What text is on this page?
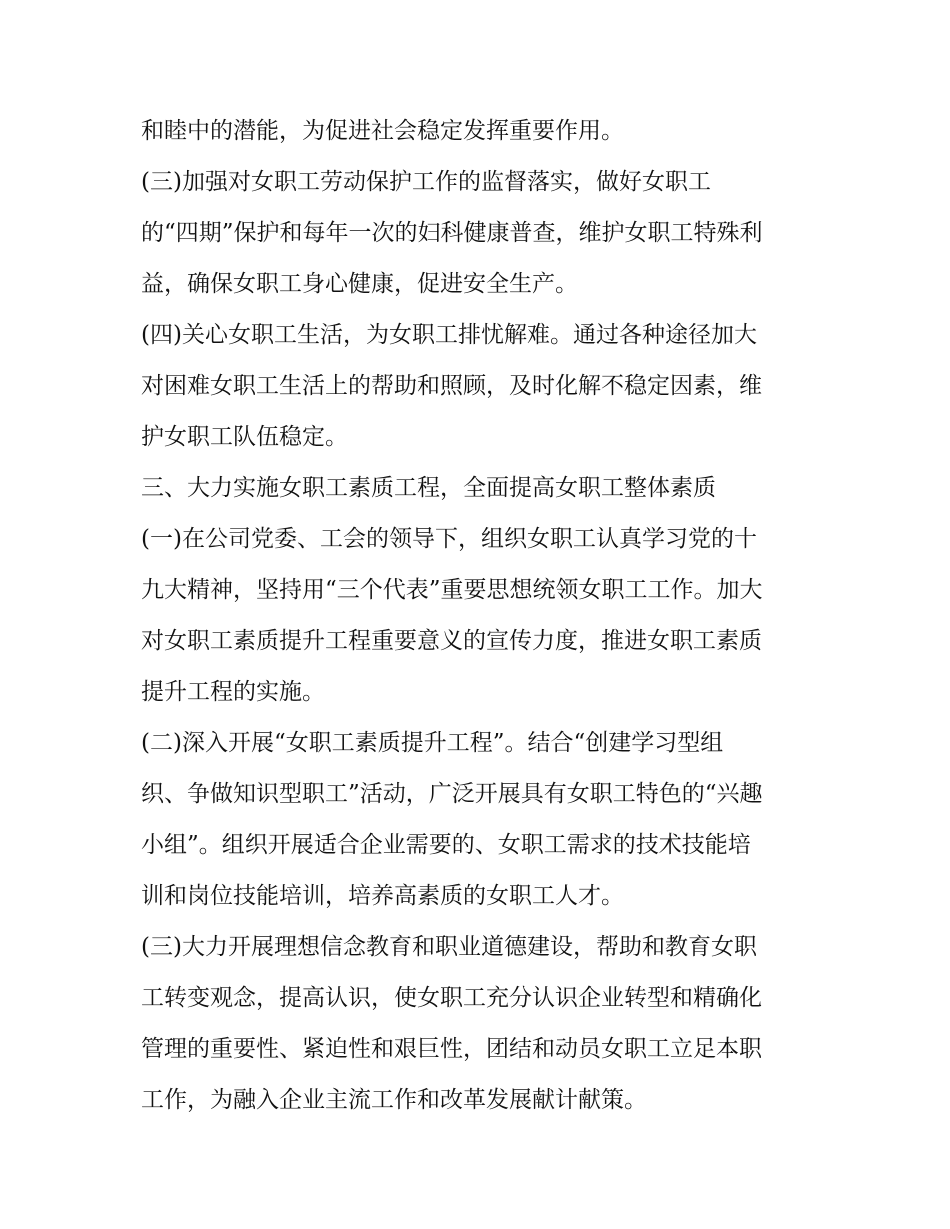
和睦中的潜能，为促进社会稳定发挥重要作用。
(三)加强对女职工劳动保护工作的监督落实，做好女职工
的“四期”保护和每年一次的妇科健康普查，维护女职工特殊利
益，确保女职工身心健康，促进安全生产。
(四)关心女职工生活，为女职工排忧解难。通过各种途径加大
对困难女职工生活上的帮助和照顾，及时化解不稳定因素，维
护女职工队伍稳定。
三、大力实施女职工素质工程，全面提高女职工整体素质
(一)在公司党委、工会的领导下，组织女职工认真学习党的十
九大精神，坚持用“三个代表”重要思想统领女职工工作。加大
对女职工素质提升工程重要意义的宣传力度，推进女职工素质
提升工程的实施。
(二)深入开展“女职工素质提升工程”。结合“创建学习型组
织、争做知识型职工”活动，广泛开展具有女职工特色的“兴趣
小组”。组织开展适合企业需要的、女职工需求的技术技能培
训和岗位技能培训，培养高素质的女职工人才。
(三)大力开展理想信念教育和职业道德建设，帮助和教育女职
工转变观念，提高认识，使女职工充分认识企业转型和精确化
管理的重要性、紧迫性和艰巨性，团结和动员女职工立足本职
工作，为融入企业主流工作和改革发展献计献策。
